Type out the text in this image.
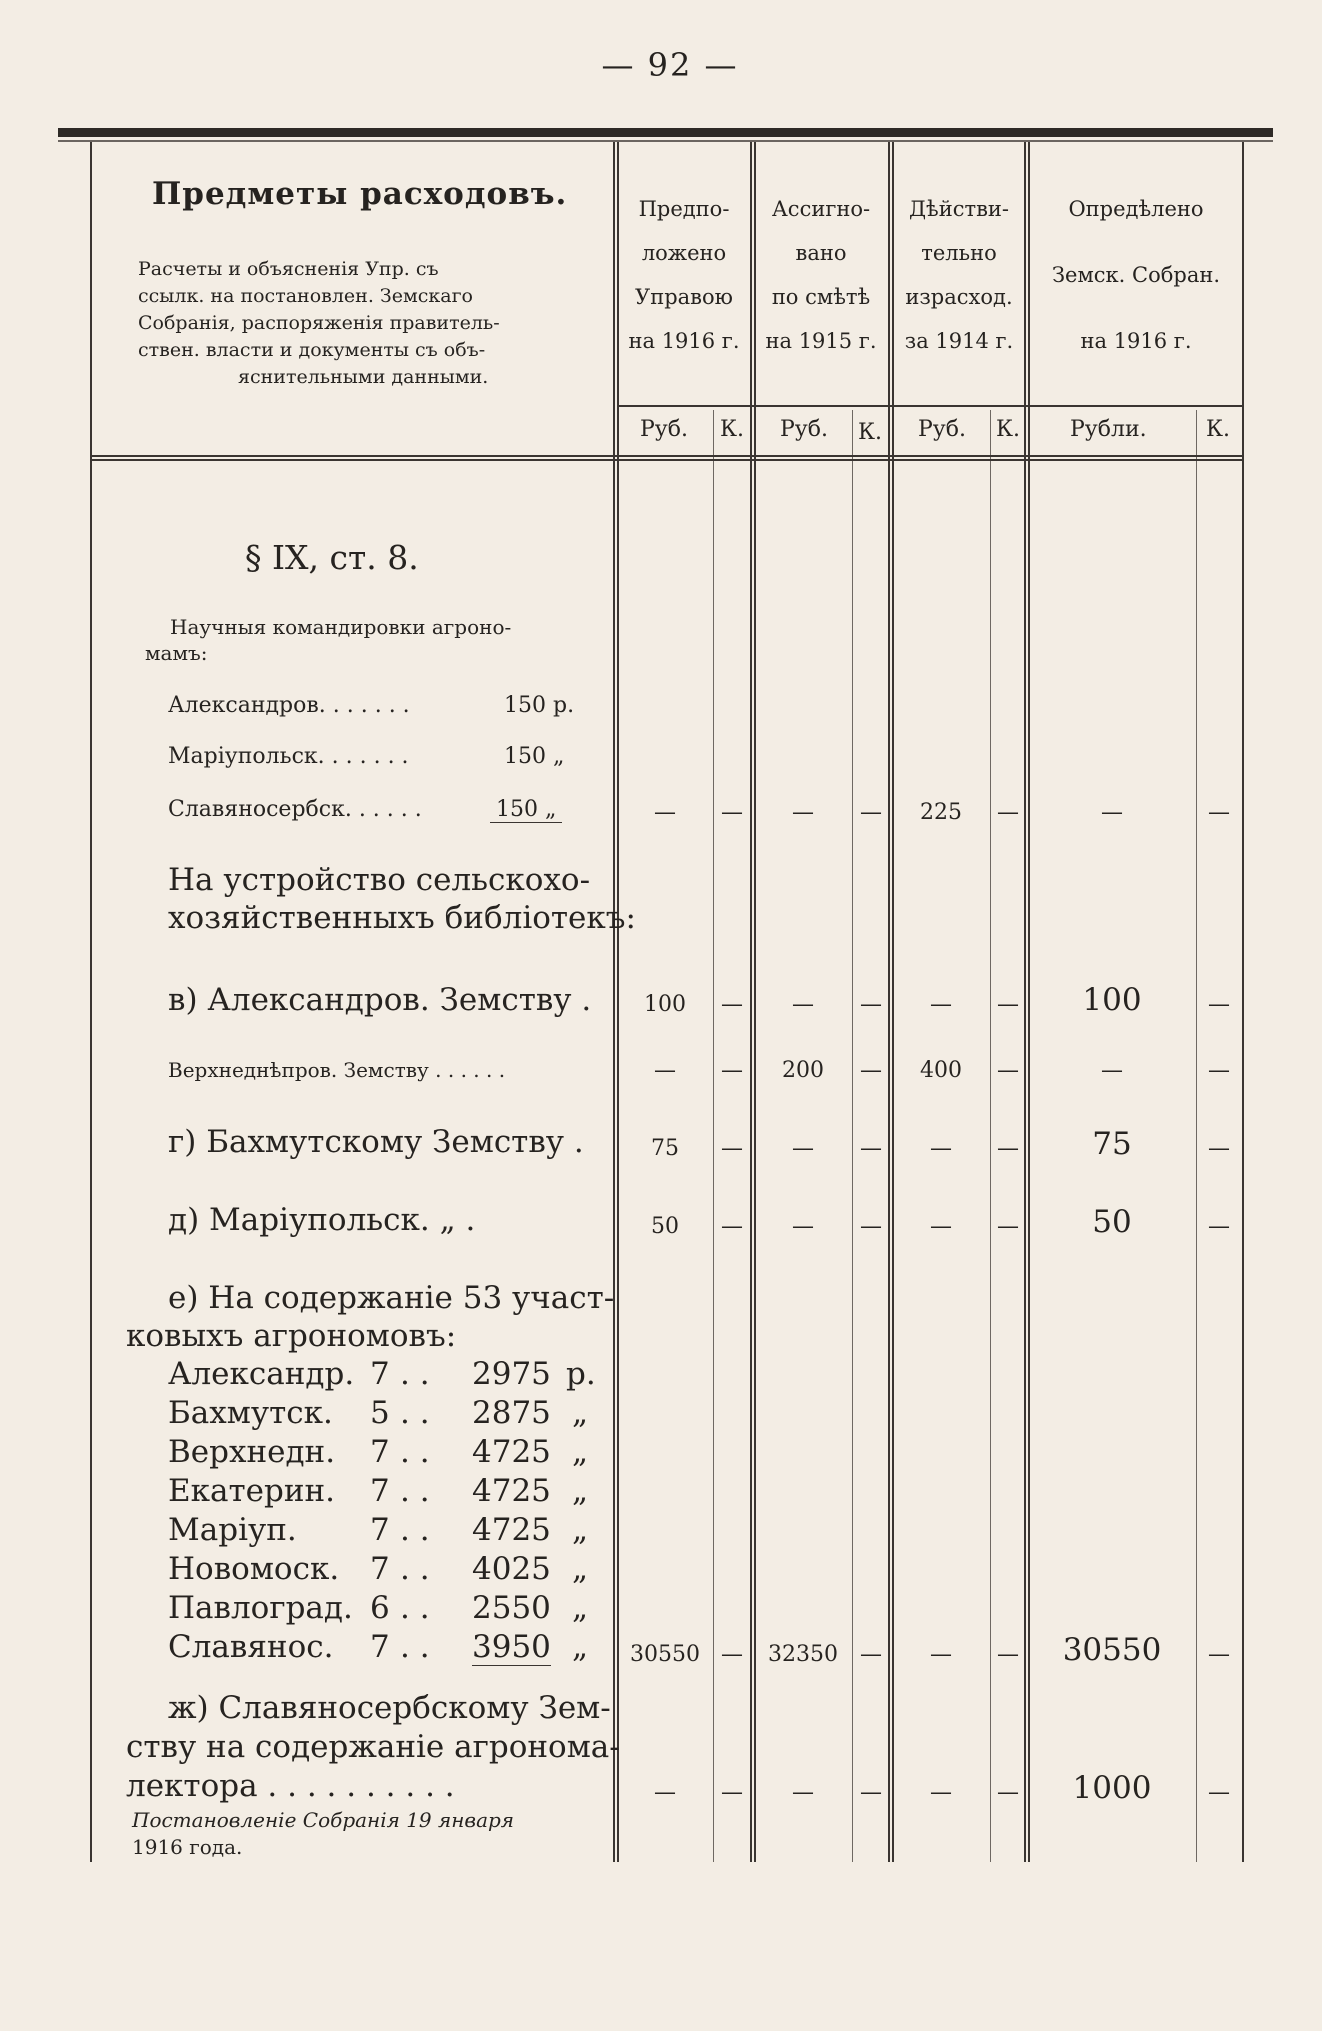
— 92 —
Предметы расходовъ.
Расчеты и объясненія Упр. съ
ссылк. на постановлен. Земскаго
Собранія, распоряженія правитель-
ствен. власти и документы съ объ-
яснительными данными.
Предпо-
ложено
Управою
на 1916 г.
Ассигно-
вано
по смѣтѣ
на 1915 г.
Дѣйстви-
тельно
израсход.
за 1914 г.
Опредѣлено
Земск. Собран.
на 1916 г.
Руб. К. Руб. К. Руб. К. Рубли.	К.
§ IX, ст. 8.
Научныя командировки агроно-
мамъ:
Александров. . . . . . .	150 р.
Маріупольск. . . . . . .	150 „
Славяносербск. . . . . .	150 „	—	—	—	—	225	—	—	—
На устройство сельскохо-
хозяйственныхъ библіотекъ:
в) Александров. Земству .	100	—	—	—	—	—	100	—
Верхнеднѣпров. Земству . . . . . .	—	—	200	—	400	—	—	—
г) Бахмутскому Земству .	75	—	—	—	—	—	75	—
д) Маріупольск. „ .	50	—	—	—	—	—	50	—
е) На содержаніе 53 участ-
ковыхъ агрономовъ:
Александр. 7 . . 2975 р.
Бахмутск. 5 . . 2875 „
Верхнедн. 7 . . 4725 „
Екатерин. 7 . . 4725 „
Маріуп. 7 . . 4725 „
Новомоск. 7 . . 4025 „
Павлоград. 6 . . 2550 „
Славянос. 7 . . 3950 „	30550 —	32350	—	—	—	30550	—
ж) Славяносербскому Зем-
ству на содержаніе агронома-
лектора . . . . . . . . . .	—	—	—	—	—	—	1000	—
Постановленіе Собранія 19 января
1916 года.
